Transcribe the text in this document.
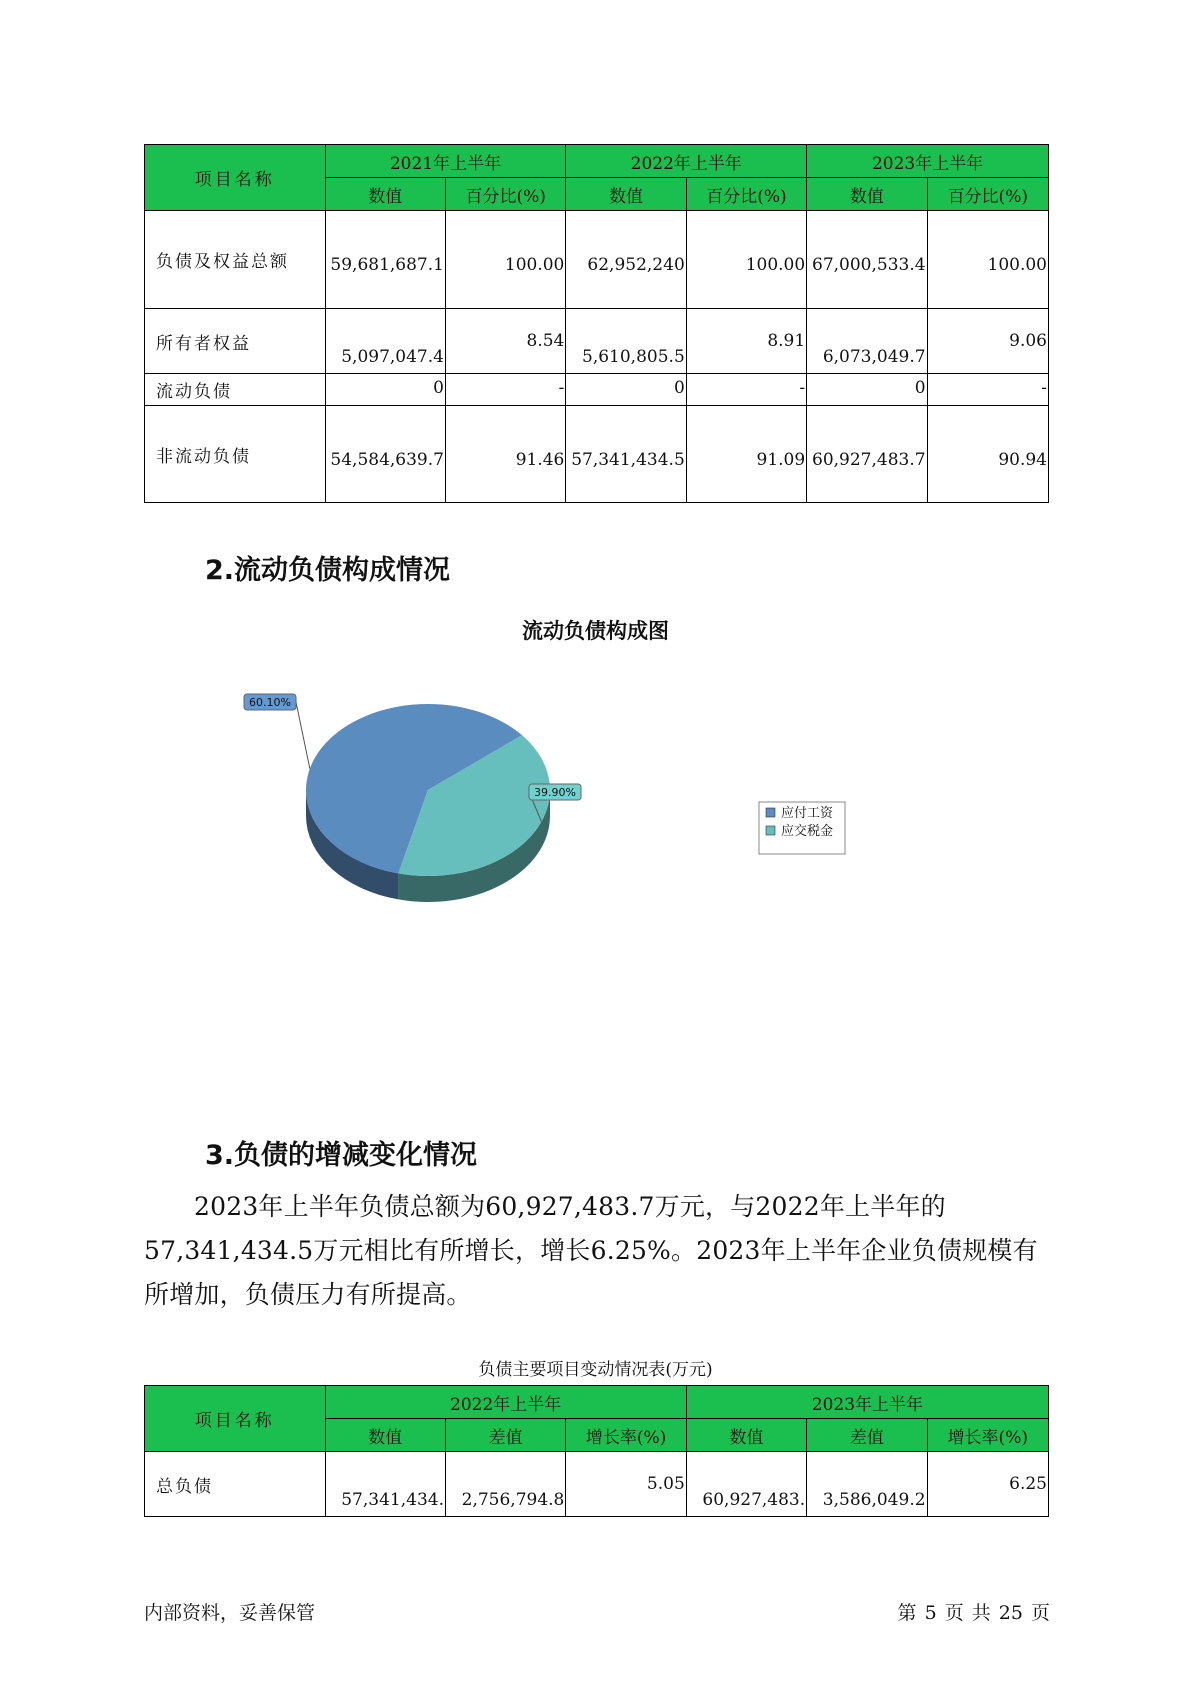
项目名称	2021年上半年		2022年上半年		2023年上半年	
	数值	百分比(%)	数值	百分比(%)	数值	百分比(%)
负债及权益总额	59,681,687.1	100.00	62,952,240	100.00	67,000,533.4	100.00
所有者权益	5,097,047.4	8.54	5,610,805.5	8.91	6,073,049.7	9.06
流动负债	0	-	0	-	0	-
非流动负债	54,584,639.7	91.46	57,341,434.5	91.09	60,927,483.7	90.94
2.流动负债构成情况
流动负债构成图
60.10%
39.90%
应付工资
应交税金
3.负债的增减变化情况

2023年上半年负债总额为60,927,483.7万元，与2022年上半年的57,341,434.5万元相比有所增长，增长6.25%。2023年上半年企业负债规模有所增加，负债压力有所提高。

负债主要项目变动情况表(万元)
项目名称	2022年上半年			2023年上半年		
	数值	差值	增长率(%)	数值	差值	增长率(%)
总负债	57,341,434.	2,756,794.8	5.05	60,927,483.	3,586,049.2	6.25
内部资料，妥善保管	第 5 页 共 25 页
